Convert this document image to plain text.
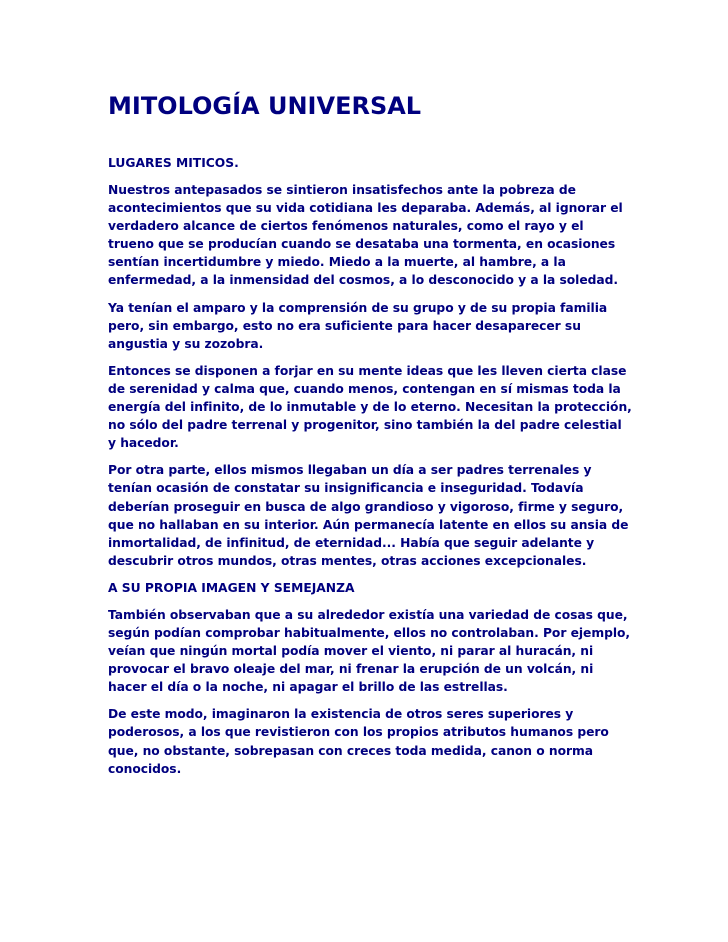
MITOLOGÍA UNIVERSAL

LUGARES MITICOS.

Nuestros antepasados se sintieron insatisfechos ante la pobreza de acontecimientos que su vida cotidiana les deparaba. Además, al ignorar el verdadero alcance de ciertos fenómenos naturales, como el rayo y el trueno que se producían cuando se desataba una tormenta, en ocasiones sentían incertidumbre y miedo. Miedo a la muerte, al hambre, a la enfermedad, a la inmensidad del cosmos, a lo desconocido y a la soledad.

Ya tenían el amparo y la comprensión de su grupo y de su propia familia pero, sin embargo, esto no era suficiente para hacer desaparecer su angustia y su zozobra.

Entonces se disponen a forjar en su mente ideas que les lleven cierta clase de serenidad y calma que, cuando menos, contengan en sí mismas toda la energía del infinito, de lo inmutable y de lo eterno. Necesitan la protección, no sólo del padre terrenal y progenitor, sino también la del padre celestial y hacedor.

Por otra parte, ellos mismos llegaban un día a ser padres terrenales y tenían ocasión de constatar su insignificancia e inseguridad. Todavía deberían proseguir en busca de algo grandioso y vigoroso, firme y seguro, que no hallaban en su interior. Aún permanecía latente en ellos su ansia de inmortalidad, de infinitud, de eternidad... Había que seguir adelante y descubrir otros mundos, otras mentes, otras acciones excepcionales.

A SU PROPIA IMAGEN Y SEMEJANZA

También observaban que a su alrededor existía una variedad de cosas que, según podían comprobar habitualmente, ellos no controlaban. Por ejemplo, veían que ningún mortal podía mover el viento, ni parar al huracán, ni provocar el bravo oleaje del mar, ni frenar la erupción de un volcán, ni hacer el día o la noche, ni apagar el brillo de las estrellas.

De este modo, imaginaron la existencia de otros seres superiores y poderosos, a los que revistieron con los propios atributos humanos pero que, no obstante, sobrepasan con creces toda medida, canon o norma conocidos.
